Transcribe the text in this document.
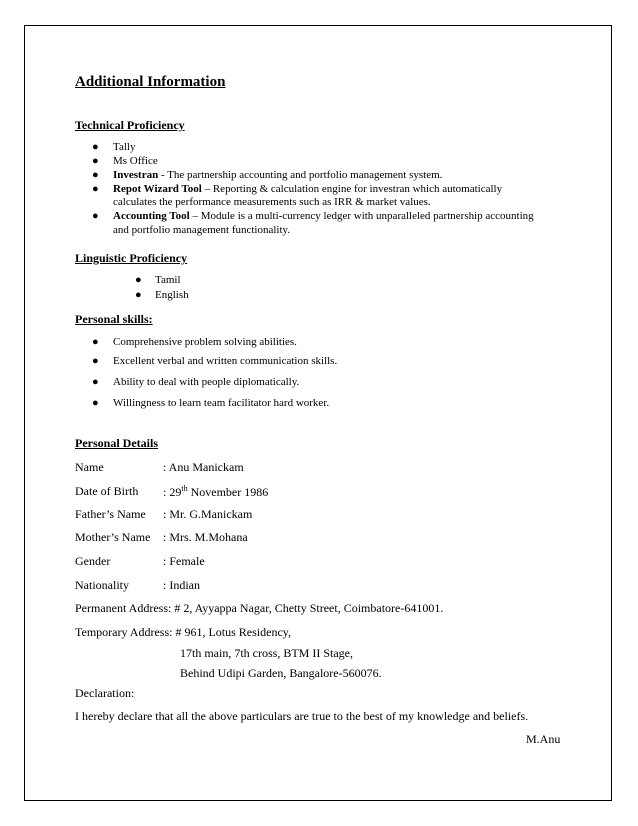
Additional Information
Technical Proficiency
● Tally
● Ms Office
● Investran - The partnership accounting and portfolio management system.
● Repot Wizard Tool – Reporting & calculation engine for investran which automatically
calculates the performance measurements such as IRR & market values.
● Accounting Tool – Module is a multi-currency ledger with unparalleled partnership accounting
and portfolio management functionality.
Linguistic Proficiency
● Tamil
● English
Personal skills:
● Comprehensive problem solving abilities.
● Excellent verbal and written communication skills.
● Ability to deal with people diplomatically.
● Willingness to learn team facilitator hard worker.
Personal Details
Name	: Anu Manickam
Date of Birth : 29th November 1986
Father’s Name : Mr. G.Manickam
Mother’s Name : Mrs. M.Mohana
Gender	: Female
Nationality	: Indian
Permanent Address: # 2, Ayyappa Nagar, Chetty Street, Coimbatore-641001.
Temporary Address: # 961, Lotus Residency,
17th main, 7th cross, BTM II Stage,
Behind Udipi Garden, Bangalore-560076.
Declaration:
I hereby declare that all the above particulars are true to the best of my knowledge and beliefs.
M.Anu
